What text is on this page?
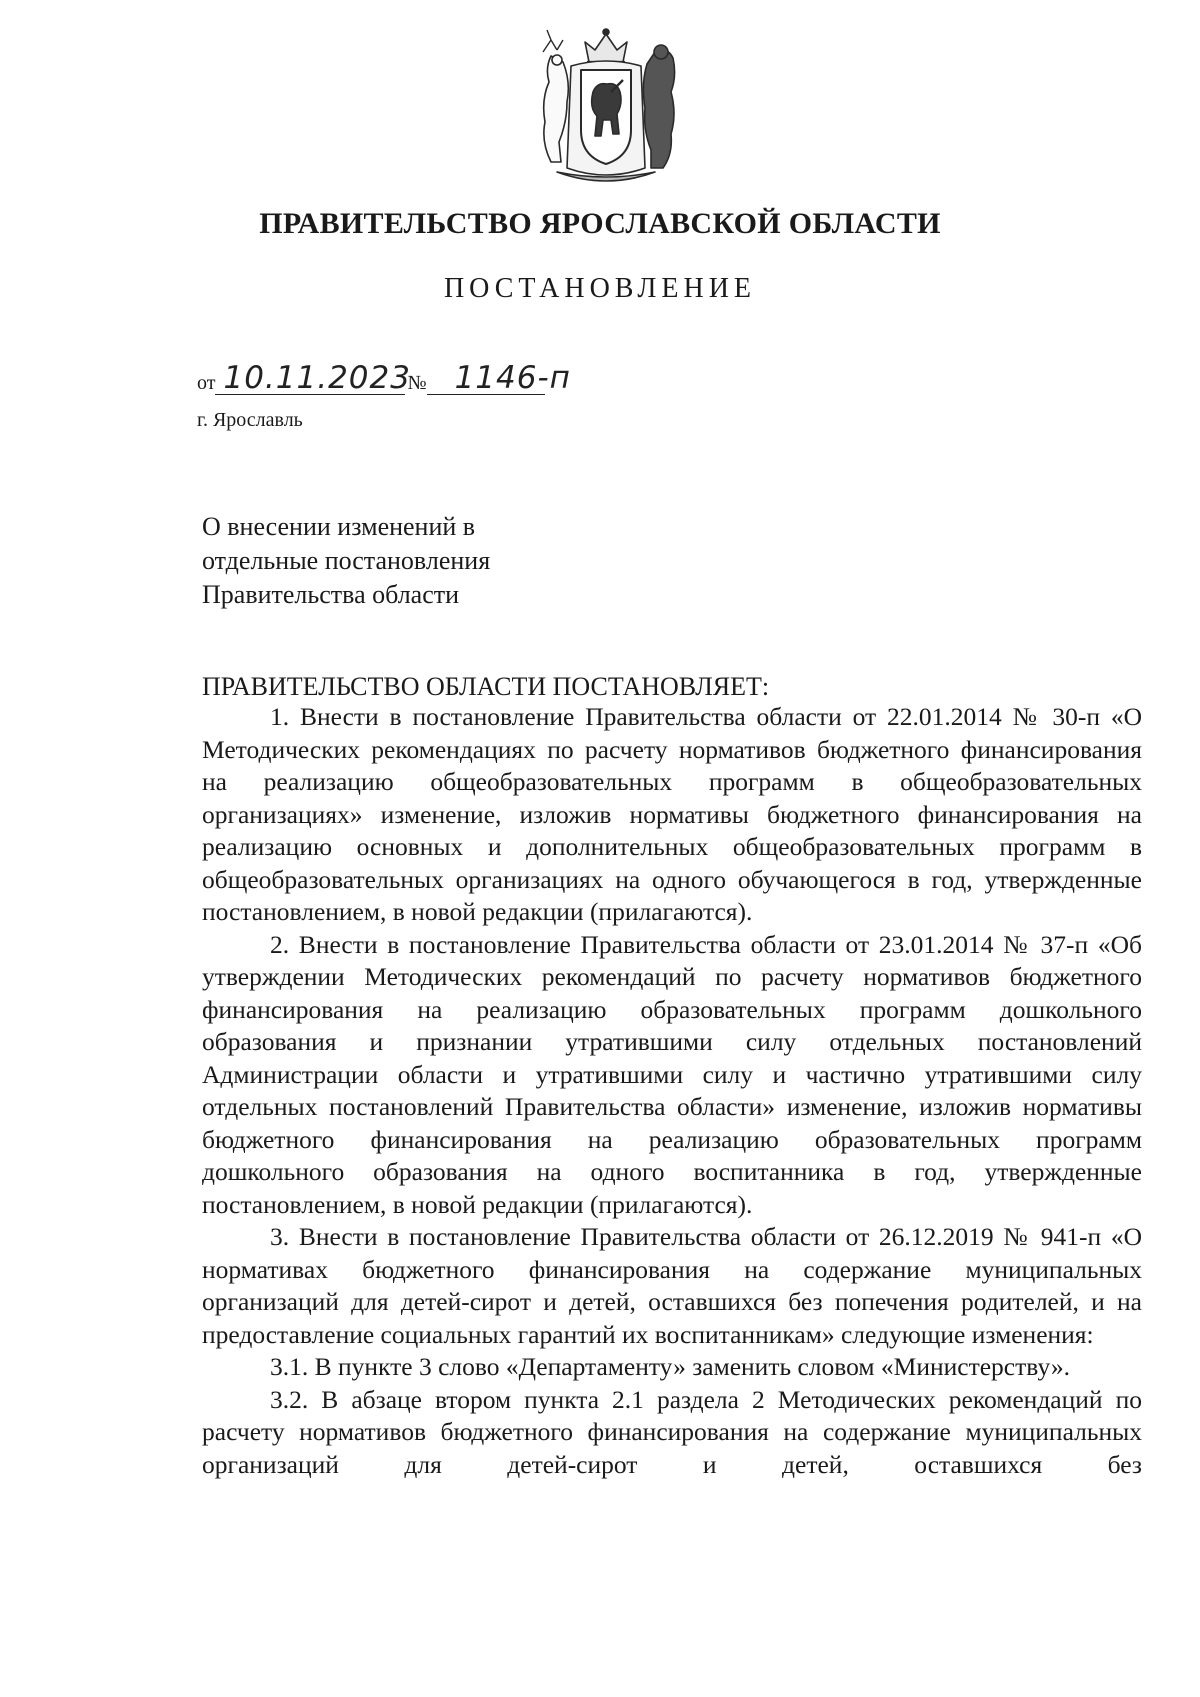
ПРАВИТЕЛЬСТВО ЯРОСЛАВСКОЙ ОБЛАСТИ
ПОСТАНОВЛЕНИЕ
от 10.11.2023
№ 1146-п
г. Ярославль
О внесении изменений в
отдельные постановления
Правительства области
ПРАВИТЕЛЬСТВО ОБЛАСТИ ПОСТАНОВЛЯЕТ:

1. Внести в постановление Правительства области от 22.01.2014 № 30-п «О Методических рекомендациях по расчету нормативов бюджетного финансирования на реализацию общеобразовательных программ в общеобразовательных организациях» изменение, изложив нормативы бюджетного финансирования на реализацию основных и дополнительных общеобразовательных программ в общеобразовательных организациях на одного обучающегося в год, утвержденные постановлением, в новой редакции (прилагаются).

2. Внести в постановление Правительства области от 23.01.2014 № 37-п «Об утверждении Методических рекомендаций по расчету нормативов бюджетного финансирования на реализацию образовательных программ дошкольного образования и признании утратившими силу отдельных постановлений Администрации области и утратившими силу и частично утратившими силу отдельных постановлений Правительства области» изменение, изложив нормативы бюджетного финансирования на реализацию образовательных программ дошкольного образования на одного воспитанника в год, утвержденные постановлением, в новой редакции (прилагаются).

3. Внести в постановление Правительства области от 26.12.2019 № 941-п «О нормативах бюджетного финансирования на содержание муниципальных организаций для детей-сирот и детей, оставшихся без попечения родителей, и на предоставление социальных гарантий их воспитанникам» следующие изменения:

3.1. В пункте 3 слово «Департаменту» заменить словом «Министерству».

3.2. В абзаце втором пункта 2.1 раздела 2 Методических рекомендаций по расчету нормативов бюджетного финансирования на содержание муниципальных организаций для детей-сирот и детей, оставшихся без
